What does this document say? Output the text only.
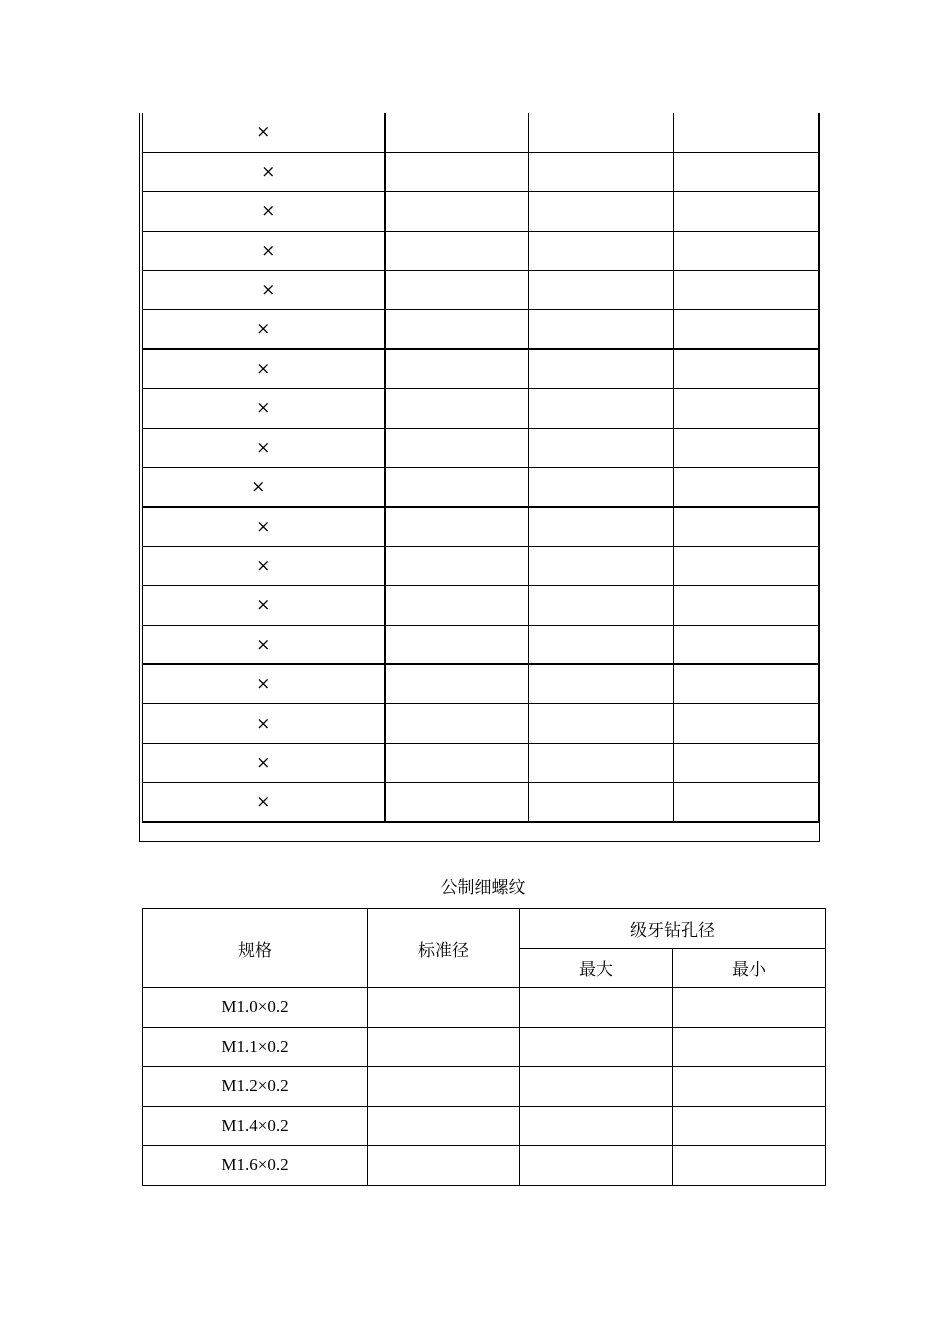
×			
×			
×			
×			
×			
×			
×			
×			
×			
×			
×			
×			
×			
×			
×			
×			
×			
×			
公制细螺纹
规格	标准径	级牙钻孔径	
		最大	最小
M1.0×0.2			
M1.1×0.2			
M1.2×0.2			
M1.4×0.2			
M1.6×0.2			
